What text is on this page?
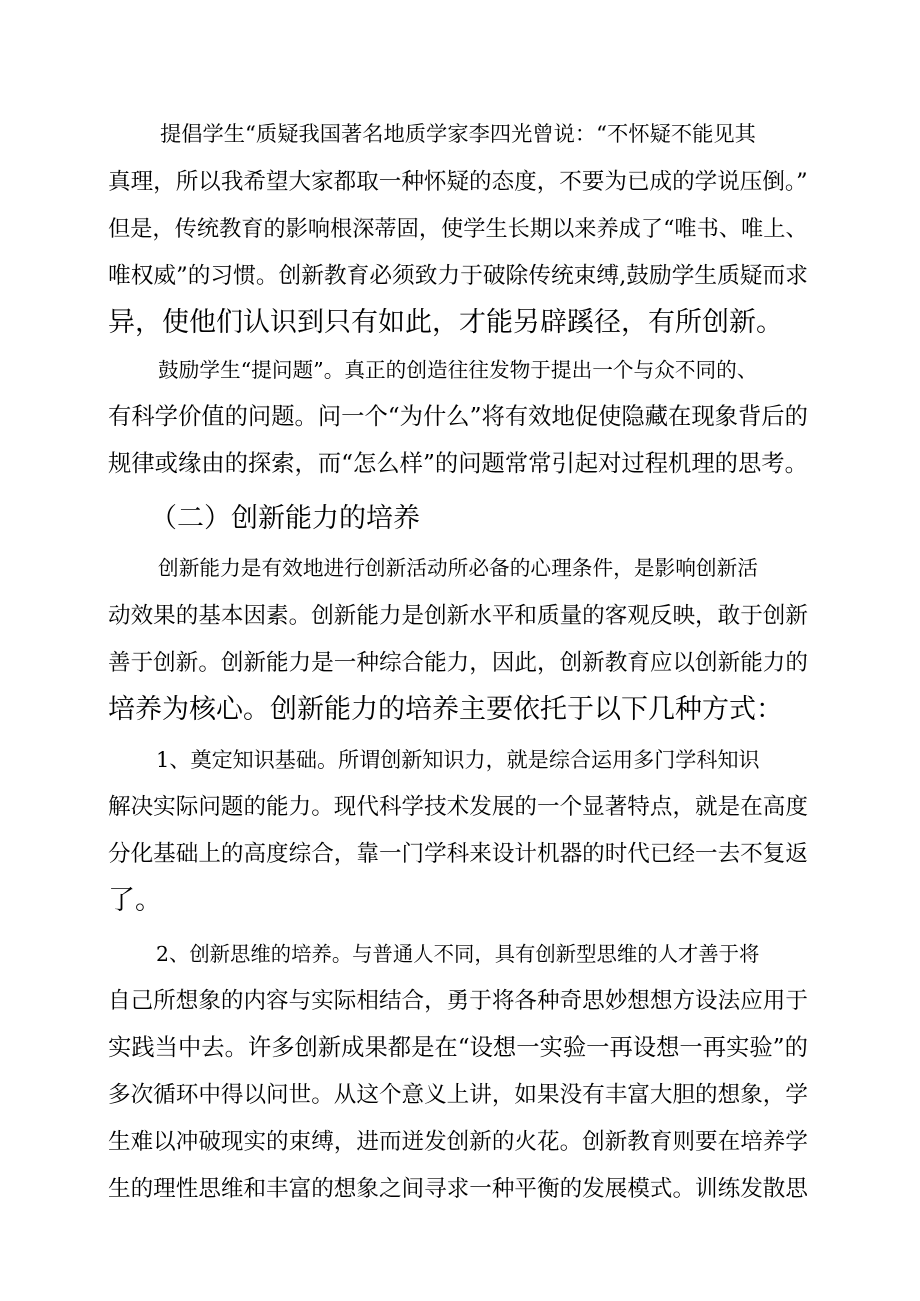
提倡学生“质疑我国著名地质学家李四光曾说：“不怀疑不能见其

真理，所以我希望大家都取一种怀疑的态度，不要为已成的学说压倒。”

但是，传统教育的影响根深蒂固，使学生长期以来养成了“唯书、唯上、

唯权威”的习惯。创新教育必须致力于破除传统束缚,鼓励学生质疑而求

异，使他们认识到只有如此，才能另辟蹊径，有所创新。

鼓励学生“提问题”。真正的创造往往发物于提出一个与众不同的、

有科学价值的问题。问一个“为什么”将有效地促使隐藏在现象背后的

规律或缘由的探索，而“怎么样”的问题常常引起对过程机理的思考。

（二）创新能力的培养

创新能力是有效地进行创新活动所必备的心理条件，是影响创新活

动效果的基本因素。创新能力是创新水平和质量的客观反映，敢于创新

善于创新。创新能力是一种综合能力，因此，创新教育应以创新能力的

培养为核心。创新能力的培养主要依托于以下几种方式：

1、奠定知识基础。所谓创新知识力，就是综合运用多门学科知识

解决实际问题的能力。现代科学技术发展的一个显著特点，就是在高度

分化基础上的高度综合，靠一门学科来设计机器的时代已经一去不复返

了。

2、创新思维的培养。与普通人不同，具有创新型思维的人才善于将

自己所想象的内容与实际相结合，勇于将各种奇思妙想想方设法应用于

实践当中去。许多创新成果都是在“设想一实验一再设想一再实验”的

多次循环中得以问世。从这个意义上讲，如果没有丰富大胆的想象，学

生难以冲破现实的束缚，进而迸发创新的火花。创新教育则要在培养学

生的理性思维和丰富的想象之间寻求一种平衡的发展模式。训练发散思
